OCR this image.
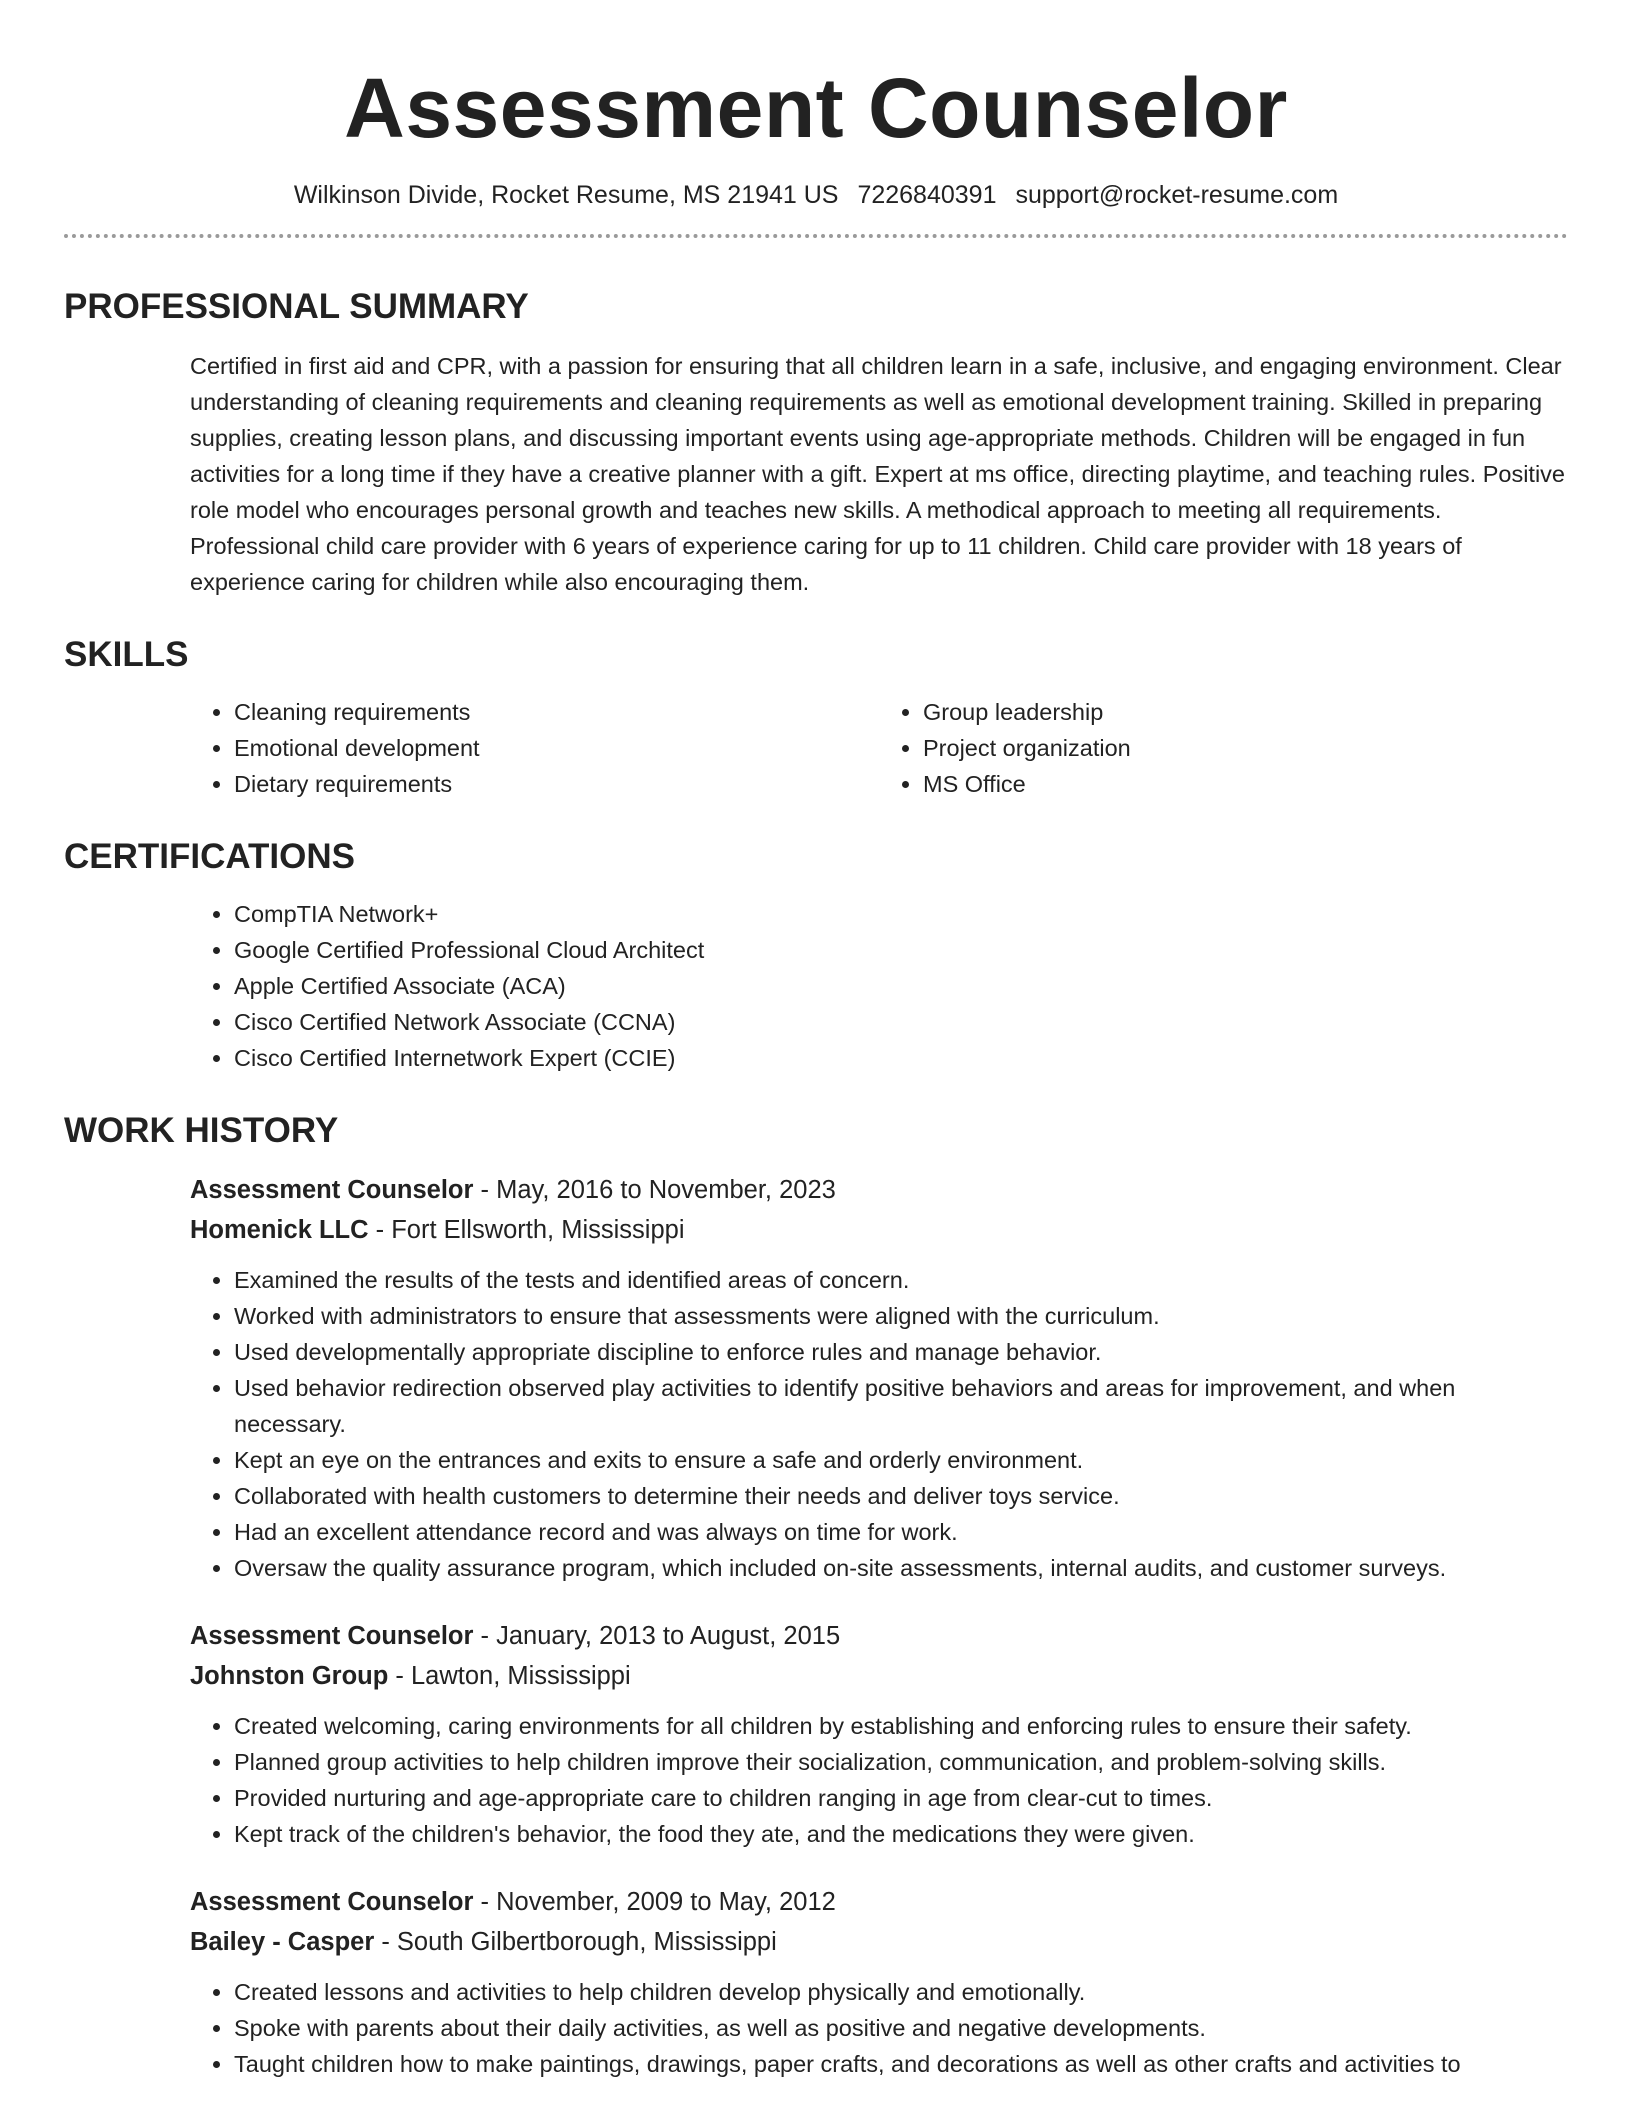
Assessment Counselor
Wilkinson Divide, Rocket Resume, MS 21941 US 7226840391 support@rocket-resume.com
PROFESSIONAL SUMMARY

Certified in first aid and CPR, with a passion for ensuring that all children learn in a safe, inclusive, and engaging environment. Clear understanding of cleaning requirements and cleaning requirements as well as emotional development training. Skilled in preparing supplies, creating lesson plans, and discussing important events using age-appropriate methods. Children will be engaged in fun activities for a long time if they have a creative planner with a gift. Expert at ms office, directing playtime, and teaching rules. Positive role model who encourages personal growth and teaches new skills. A methodical approach to meeting all requirements. Professional child care provider with 6 years of experience caring for up to 11 children. Child care provider with 18 years of experience caring for children while also encouraging them.

SKILLS
• Cleaning requirements
• Emotional development
• Dietary requirements
• Group leadership
• Project organization
• MS Office
CERTIFICATIONS
• CompTIA Network+
• Google Certified Professional Cloud Architect
• Apple Certified Associate (ACA)
• Cisco Certified Network Associate (CCNA)
• Cisco Certified Internetwork Expert (CCIE)
WORK HISTORY
Assessment Counselor - May, 2016 to November, 2023
Homenick LLC - Fort Ellsworth, Mississippi
• Examined the results of the tests and identified areas of concern.
• Worked with administrators to ensure that assessments were aligned with the curriculum.
• Used developmentally appropriate discipline to enforce rules and manage behavior.
• Used behavior redirection observed play activities to identify positive behaviors and areas for improvement, and when necessary.
• Kept an eye on the entrances and exits to ensure a safe and orderly environment.
• Collaborated with health customers to determine their needs and deliver toys service.
• Had an excellent attendance record and was always on time for work.
• Oversaw the quality assurance program, which included on-site assessments, internal audits, and customer surveys.
Assessment Counselor - January, 2013 to August, 2015
Johnston Group - Lawton, Mississippi
• Created welcoming, caring environments for all children by establishing and enforcing rules to ensure their safety.
• Planned group activities to help children improve their socialization, communication, and problem-solving skills.
• Provided nurturing and age-appropriate care to children ranging in age from clear-cut to times.
• Kept track of the children's behavior, the food they ate, and the medications they were given.
Assessment Counselor - November, 2009 to May, 2012
Bailey - Casper - South Gilbertborough, Mississippi
• Created lessons and activities to help children develop physically and emotionally.
• Spoke with parents about their daily activities, as well as positive and negative developments.
• Taught children how to make paintings, drawings, paper crafts, and decorations as well as other crafts and activities to
